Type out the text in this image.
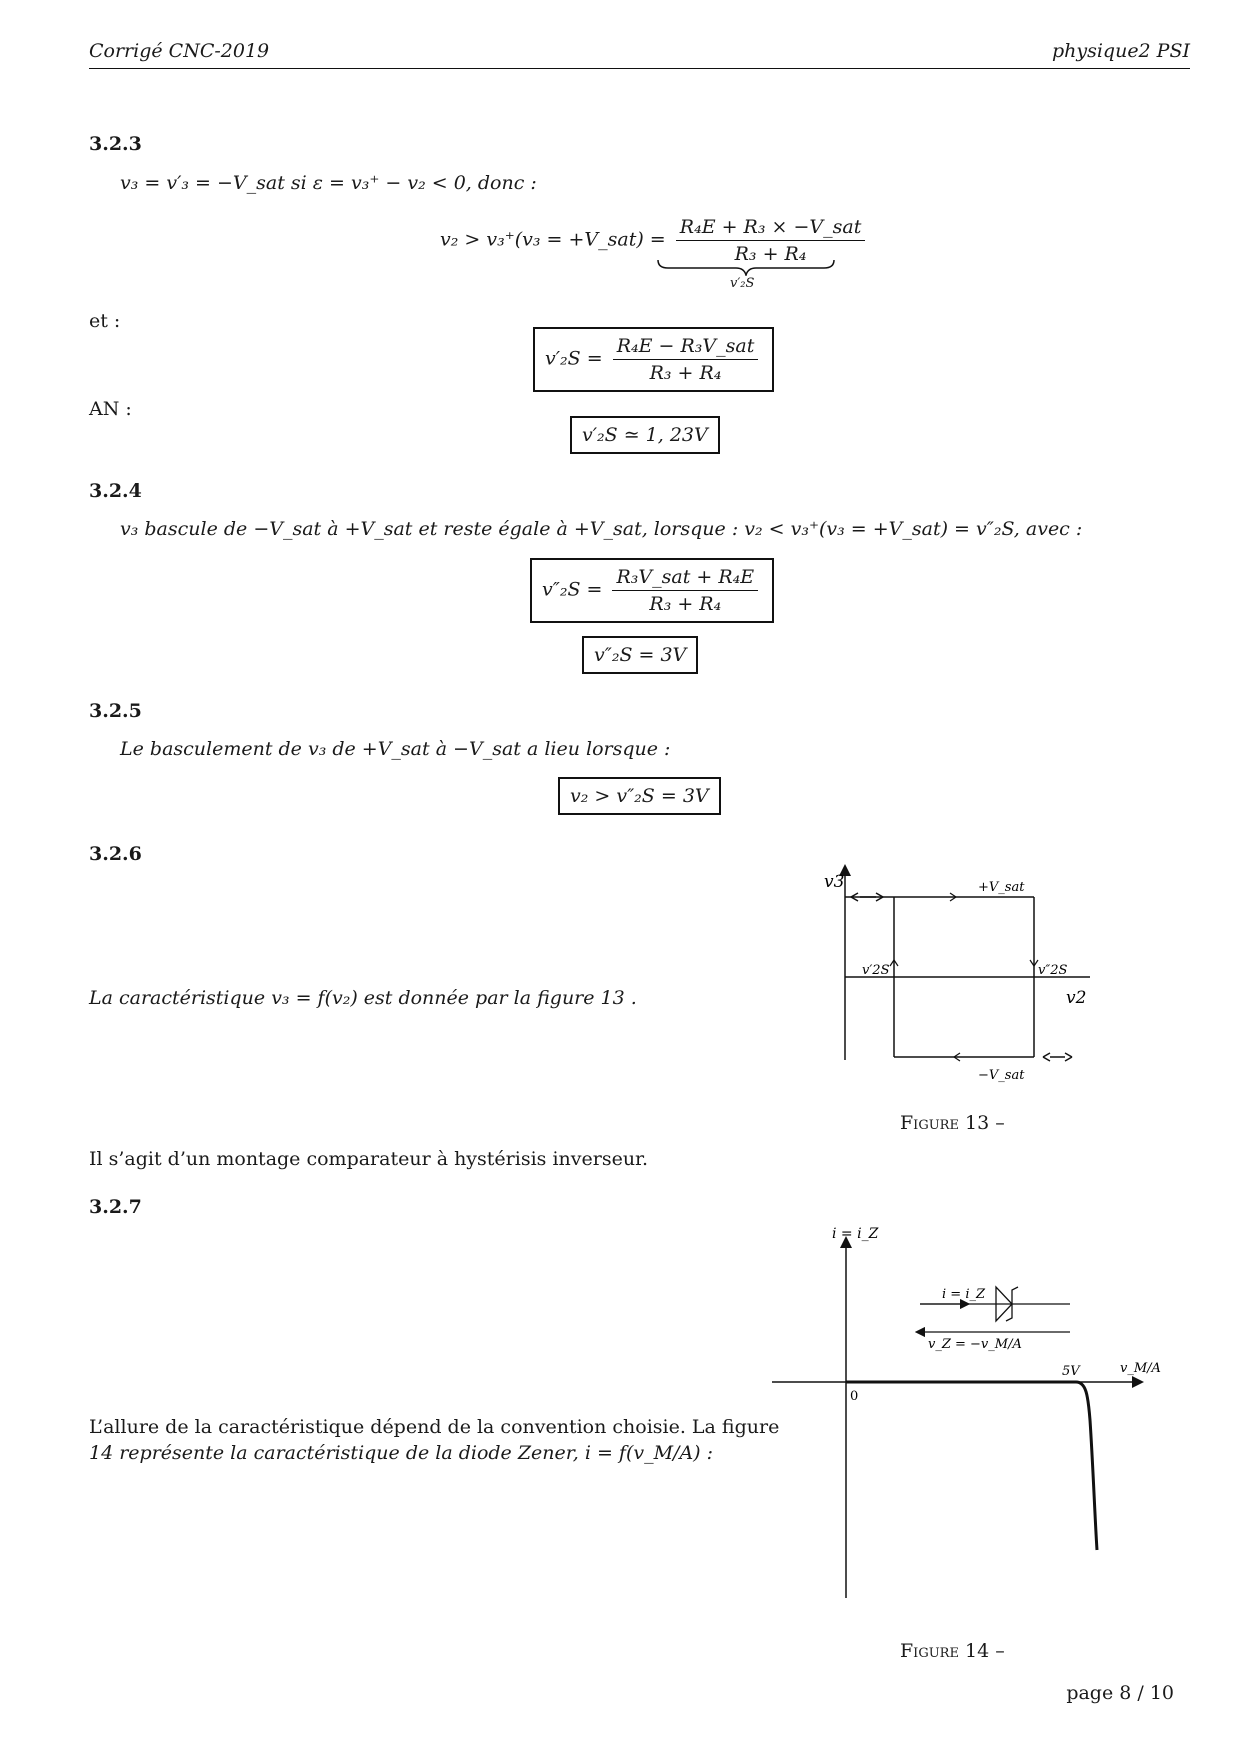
Corrigé CNC-2019	physique2 PSI
3.2.3
v₃ = v′₃ = −V_sat si ε = v₃⁺ − v₂ < 0, donc :
v₂ > v₃⁺(v₃ = +V_sat) = $\frac{\text{R₄E + R₃ × −V\_sat}}{\text{R₃ + R₄}}$
v′₂S
et :
$v'_2S = \frac{\text{R₄E − R₃V\_sat}}{\text{R₃ + R₄}}$
AN :
v′₂S ≃ 1, 23V
3.2.4
v₃ bascule de −V_sat à +V_sat et reste égale à +V_sat, lorsque : v₂ < v₃⁺(v₃ = +V_sat) = v″₂S, avec :
$v''_2S = \frac{\text{R₃V\_sat + R₄E}}{\text{R₃ + R₄}}$
v″₂S = 3V
3.2.5
Le basculement de v₃ de +V_sat à −V_sat a lieu lorsque :
v₂ > v″₂S = 3V
3.2.6
La caractéristique v₃ = f(v₂) est donnée par la figure 13 .
v3
v2
+V_sat
−V_sat
v′2S	v″2S
Figure 13 –
Il s’agit d’un montage comparateur à hystérisis inverseur.
3.2.7
L’allure de la caractéristique dépend de la convention choisie. La figure
14 représente la caractéristique de la diode Zener, i = f(v_M/A) :
i = i_Z
v_M/A
0
5V
i = i_Z
v_Z = −v_M/A
Figure 14 –
page 8 / 10
